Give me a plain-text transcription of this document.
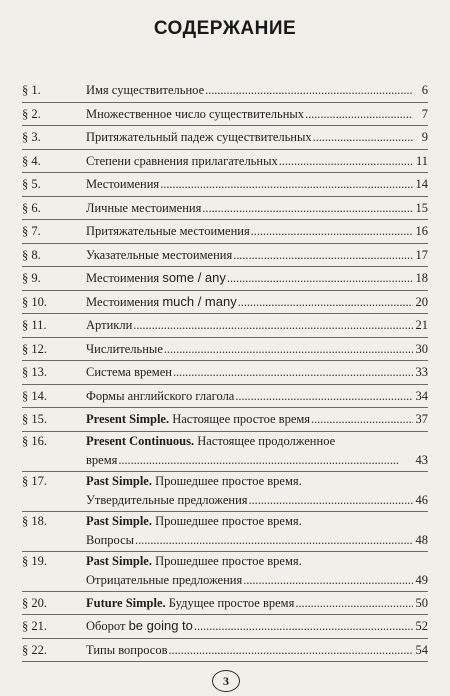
СОДЕРЖАНИЕ
§ 1.	Имя существительное . . .	6
§ 2.	Множественное число существительных . . .	7
§ 3.	Притяжательный падеж существительных . . .	9
§ 4.	Степени сравнения прилагательных . . .	11
§ 5.	Местоимения . . .	14
§ 6.	Личные местоимения . . .	15
§ 7.	Притяжательные местоимения . . .	16
§ 8.	Указательные местоимения . . .	17
§ 9.	Местоимения some / any . . .	18
§ 10.	Местоимения much / many . . .	20
§ 11.	Артикли . . .	21
§ 12.	Числительные . . .	30
§ 13.	Система времен . . .	33
§ 14.	Формы английского глагола . . .	34
§ 15.	Present Simple. Настоящее простое время . . .	37
§ 16.	Present Continuous. Настоящее продолженное
время . . .	43
§ 17.	Past Simple. Прошедшее простое время.
Утвердительные предложения . . .	46
§ 18.	Past Simple. Прошедшее простое время.
Вопросы . . .	48
§ 19.	Past Simple. Прошедшее простое время.
Отрицательные предложения . . .	49
§ 20.	Future Simple. Будущее простое время . . .	50
§ 21.	Оборот be going to . . .	52
§ 22.	Типы вопросов . . .	54
3
